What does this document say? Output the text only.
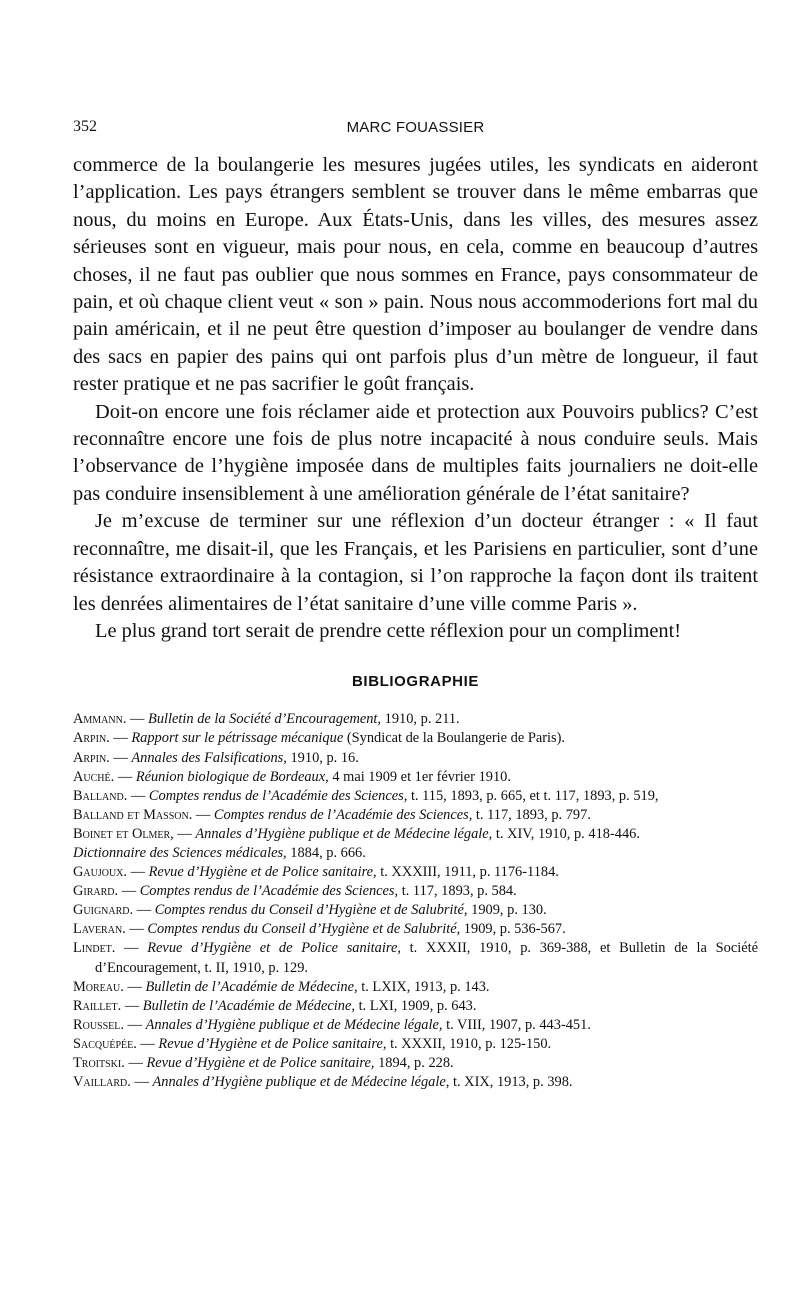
352	MARC FOUASSIER

commerce de la boulangerie les mesures jugées utiles, les syndicats en aideront l’application. Les pays étrangers semblent se trouver dans le même embarras que nous, du moins en Europe. Aux États-Unis, dans les villes, des mesures assez sérieuses sont en vigueur, mais pour nous, en cela, comme en beaucoup d’autres choses, il ne faut pas oublier que nous sommes en France, pays consommateur de pain, et où chaque client veut « son » pain. Nous nous accommoderions fort mal du pain américain, et il ne peut être question d’imposer au boulanger de vendre dans des sacs en papier des pains qui ont parfois plus d’un mètre de longueur, il faut rester pratique et ne pas sacrifier le goût français.

Doit-on encore une fois réclamer aide et protection aux Pouvoirs publics? C’est reconnaître encore une fois de plus notre incapacité à nous conduire seuls. Mais l’observance de l’hygiène imposée dans de multiples faits journaliers ne doit-elle pas conduire insensiblement à une amélioration générale de l’état sanitaire?

Je m’excuse de terminer sur une réflexion d’un docteur étranger : « Il faut reconnaître, me disait-il, que les Français, et les Parisiens en particulier, sont d’une résistance extraordinaire à la contagion, si l’on rapproche la façon dont ils traitent les denrées alimentaires de l’état sanitaire d’une ville comme Paris ».

Le plus grand tort serait de prendre cette réflexion pour un compliment!

BIBLIOGRAPHIE
Ammann. — Bulletin de la Société d’Encouragement, 1910, p. 211.
Arpin. — Rapport sur le pétrissage mécanique (Syndicat de la Boulangerie de Paris).
Arpin. — Annales des Falsifications, 1910, p. 16.
Auché. — Réunion biologique de Bordeaux, 4 mai 1909 et 1er février 1910.
Balland. — Comptes rendus de l’Académie des Sciences, t. 115, 1893, p. 665, et t. 117, 1893, p. 519,
Balland et Masson. — Comptes rendus de l’Académie des Sciences, t. 117, 1893, p. 797.
Boinet et Olmer, — Annales d’Hygiène publique et de Médecine légale, t. XIV, 1910, p. 418-446.
Dictionnaire des Sciences médicales, 1884, p. 666.
Gaujoux. — Revue d’Hygiène et de Police sanitaire, t. XXXIII, 1911, p. 1176-1184.
Girard. — Comptes rendus de l’Académie des Sciences, t. 117, 1893, p. 584.
Guignard. — Comptes rendus du Conseil d’Hygiène et de Salubrité, 1909, p. 130.
Laveran. — Comptes rendus du Conseil d’Hygiène et de Salubrité, 1909, p. 536-567.
Lindet. — Revue d’Hygiène et de Police sanitaire, t. XXXII, 1910, p. 369-388, et Bulletin de la Société d’Encouragement, t. II, 1910, p. 129.
Moreau. — Bulletin de l’Académie de Médecine, t. LXIX, 1913, p. 143.
Raillet. — Bulletin de l’Académie de Médecine, t. LXI, 1909, p. 643.
Roussel. — Annales d’Hygiène publique et de Médecine légale, t. VIII, 1907, p. 443-451.
Sacquépée. — Revue d’Hygiène et de Police sanitaire, t. XXXII, 1910, p. 125-150.
Troitski. — Revue d’Hygiène et de Police sanitaire, 1894, p. 228.
Vaillard. — Annales d’Hygiène publique et de Médecine légale, t. XIX, 1913, p. 398.
